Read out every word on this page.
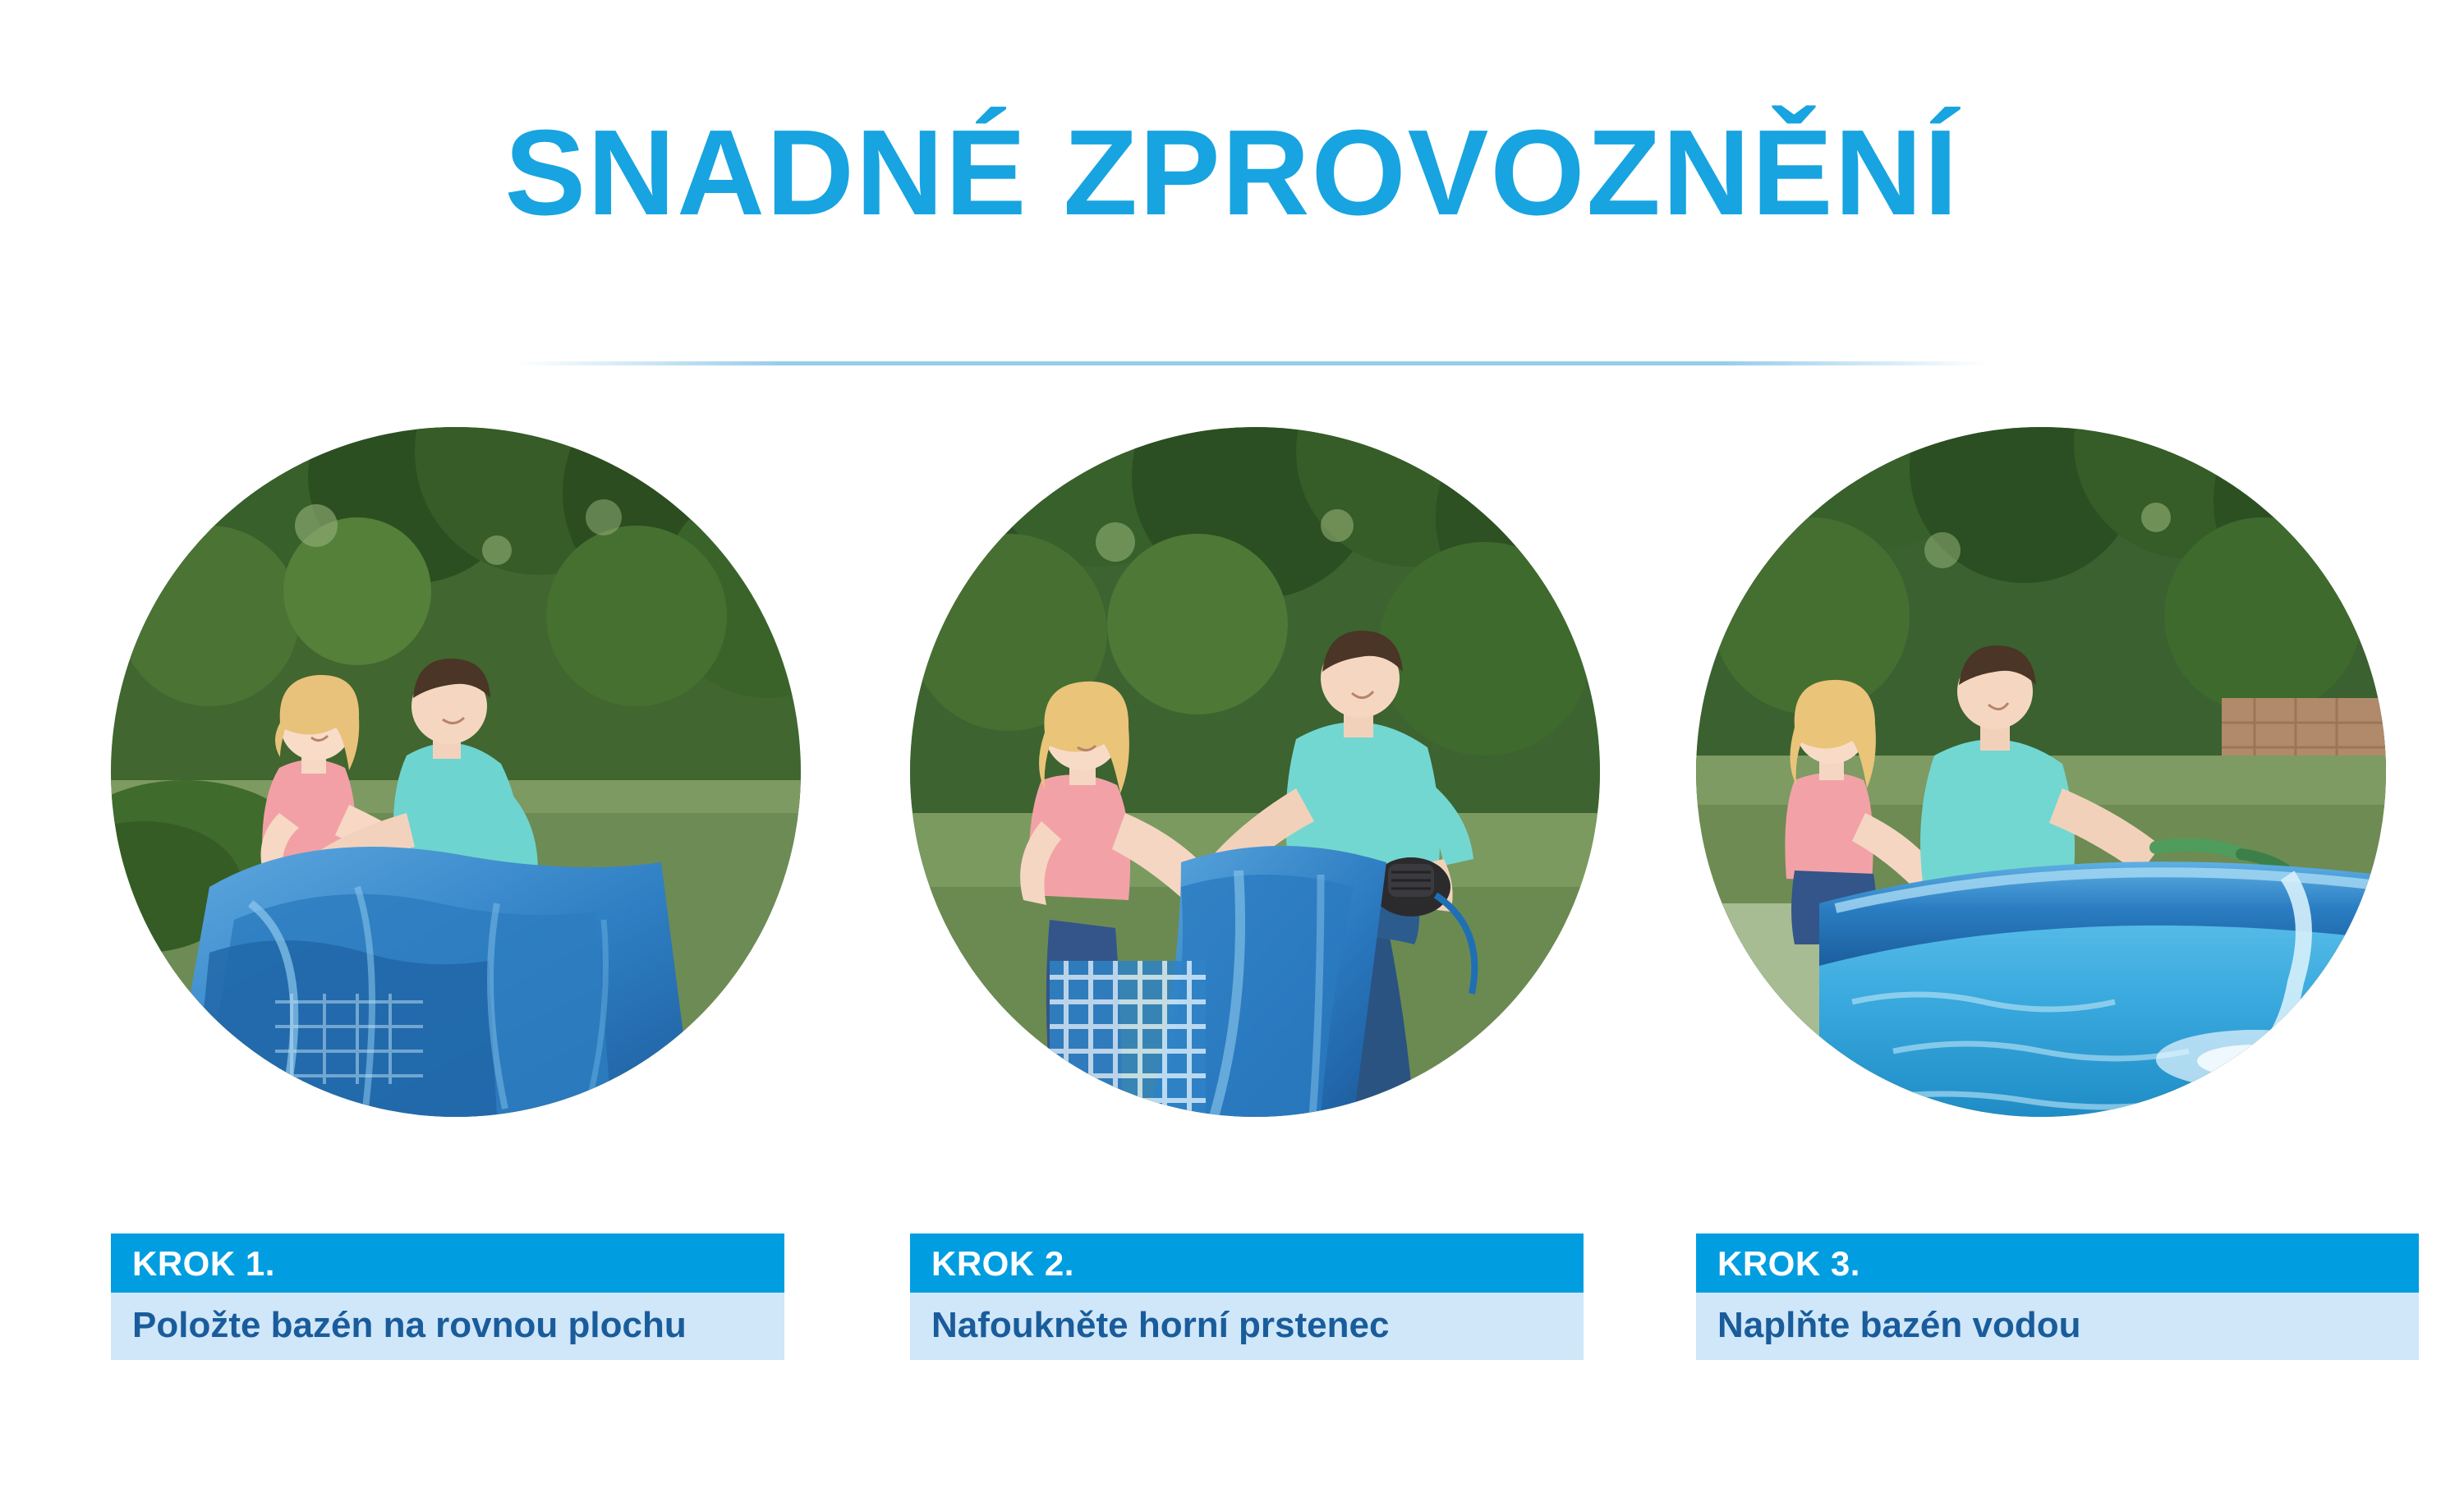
SNADNÉ ZPROVOZNĚNÍ
KROK 1.
Položte bazén na rovnou plochu
KROK 2.
Nafoukněte horní prstenec
KROK 3.
Naplňte bazén vodou
